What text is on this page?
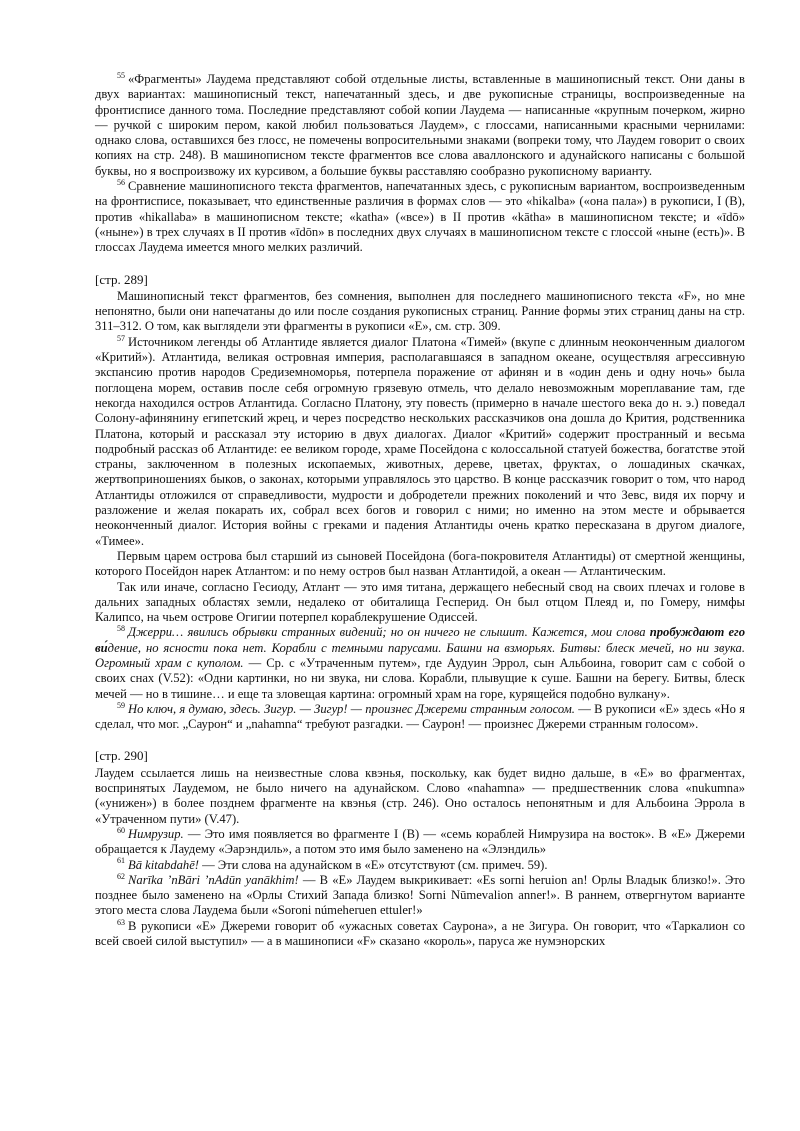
$^{55}$ «Фрагменты» Лаудема представляют собой отдельные листы, вставленные в машинописный текст. Они даны в двух вариантах: машинописный текст, напечатанный здесь, и две рукописные страницы, воспроизведенные на фронтисписе данного тома. Последние представляют собой копии Лаудема — написанные «крупным почерком, жирно — ручкой с широким пером, какой любил пользоваться Лаудем», с глоссами, написанными красными чернилами: однако слова, оставшихся без глосс, не помечены вопросительными знаками (вопреки тому, что Лаудем говорит о своих копиях на стр. 248). В машинописном тексте фрагментов все слова аваллонского и адунайского написаны с большой буквы, но я воспроизвожу их курсивом, а большие буквы расставляю сообразно рукописному варианту.

$^{56}$ Сравнение машинописного текста фрагментов, напечатанных здесь, с рукописным вариантом, воспроизведенным на фронтисписе, показывает, что единственные различия в формах слов — это «hikalba» («она пала») в рукописи, I (B), против «hikallaba» в машинописном тексте; «katha» («все») в II против «kātha» в машинописном тексте; и «īdō» («ныне») в трех случаях в II против «īdōn» в последних двух случаях в машинописном тексте с глоссой «ныне (есть)». В глоссах Лаудема имеется много мелких различий.

[стр. 289]

Машинописный текст фрагментов, без сомнения, выполнен для последнего машинописного текста «F», но мне непонятно, были они напечатаны до или после создания рукописных страниц. Ранние формы этих страниц даны на стр. 311–312. О том, как выглядели эти фрагменты в рукописи «E», см. стр. 309.

$^{57}$ Источником легенды об Атлантиде является диалог Платона «Тимей» (вкупе с длинным неоконченным диалогом «Критий»). Атлантида, великая островная империя, располагавшаяся в западном океане, осуществляя агрессивную экспансию против народов Средиземноморья, потерпела поражение от афинян и в «один день и одну ночь» была поглощена морем, оставив после себя огромную грязевую отмель, что делало невозможным мореплавание там, где некогда находился остров Атлантида. Согласно Платону, эту повесть (примерно в начале шестого века до н. э.) поведал Солону-афинянину египетский жрец, и через посредство нескольких рассказчиков она дошла до Крития, родственника Платона, который и рассказал эту историю в двух диалогах. Диалог «Критий» содержит пространный и весьма подробный рассказ об Атлантиде: ее великом городе, храме Посейдона с колоссальной статуей божества, богатстве этой страны, заключенном в полезных ископаемых, животных, дереве, цветах, фруктах, о лошадиных скачках, жертвоприношениях быков, о законах, которыми управлялось это царство. В конце рассказчик говорит о том, что народ Атлантиды отложился от справедливости, мудрости и добродетели прежних поколений и что Зевс, видя их порчу и разложение и желая покарать их, собрал всех богов и говорил с ними; но именно на этом месте и обрывается неоконченный диалог. История войны с греками и падения Атлантиды очень кратко пересказана в другом диалоге, «Тимее».

Первым царем острова был старший из сыновей Посейдона (бога-покровителя Атлантиды) от смертной женщины, которого Посейдон нарек Атлантом: и по нему остров был назван Атлантидой, а океан — Атлантическим.

Так или иначе, согласно Гесиоду, Атлант — это имя титана, держащего небесный свод на своих плечах и голове в дальних западных областях земли, недалеко от обиталища Гесперид. Он был отцом Плеяд и, по Гомеру, нимфы Калипсо, на чьем острове Огигии потерпел кораблекрушение Одиссей.

$^{58}$ Джерри… явились обрывки странных видений; но он ничего не слышит. Кажется, мои слова пробуждают его ви́дение, но ясности пока нет. Корабли с темными парусами. Башни на взморьях. Битвы: блеск мечей, но ни звука. Огромный храм с куполом. — Ср. с «Утраченным путем», где Аудуин Эррол, сын Альбоина, говорит сам с собой о своих снах (V.52): «Одни картинки, но ни звука, ни слова. Корабли, плывущие к суше. Башни на берегу. Битвы, блеск мечей — но в тишине… и еще та зловещая картина: огромный храм на горе, курящейся подобно вулкану».

$^{59}$ Но ключ, я думаю, здесь. Зигур. — Зигур! — произнес Джереми странным голосом. — В рукописи «E» здесь «Но я сделал, что мог. „Саурон“ и „nahamna“ требуют разгадки. — Саурон! — произнес Джереми странным голосом».

[стр. 290]

Лаудем ссылается лишь на неизвестные слова квэнья, поскольку, как будет видно дальше, в «E» во фрагментах, воспринятых Лаудемом, не было ничего на адунайском. Слово «nahamna» — предшественник слова «nukumna» («унижен») в более позднем фрагменте на квэнья (стр. 246). Оно осталось непонятным и для Альбоина Эррола в «Утраченном пути» (V.47).

$^{60}$ Нимрузир. — Это имя появляется во фрагменте I (B) — «семь кораблей Нимрузира на восток». В «E» Джереми обращается к Лаудему «Эарэндиль», а потом это имя было заменено на «Элэндиль»

$^{61}$ Bā kitabdahē! — Эти слова на адунайском в «E» отсутствуют (см. примеч. 59).

$^{62}$ Narīka ʼnBāri ʼnAdūn yanākhim! — В «E» Лаудем выкрикивает: «Es sorni heruion an! Орлы Владык близко!». Это позднее было заменено на «Орлы Стихий Запада близко! Sorni Nūmevalion anner!». В раннем, отвергнутом варианте этого места слова Лаудема были «Soroni númeheruen ettuler!»

$^{63}$ В рукописи «E» Джереми говорит об «ужасных советах Саурона», а не Зигура. Он говорит, что «Таркалион со всей своей силой выступил» — а в машинописи «F» сказано «король», паруса же нумэнорских
